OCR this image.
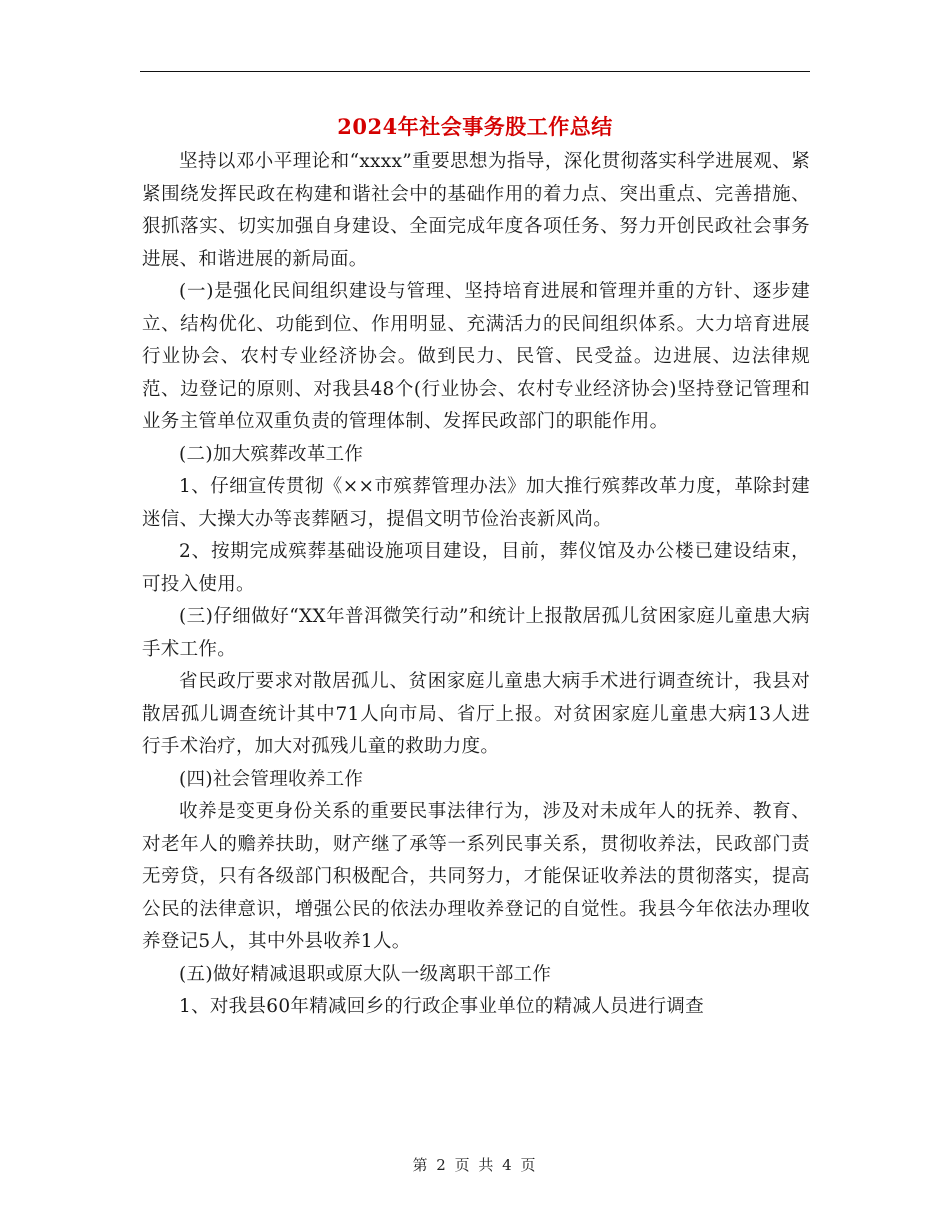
2024年社会事务股工作总结

坚持以邓小平理论和“xxxx”重要思想为指导，深化贯彻落实科学进展观、紧紧围绕发挥民政在构建和谐社会中的基础作用的着力点、突出重点、完善措施、狠抓落实、切实加强自身建设、全面完成年度各项任务、努力开创民政社会事务进展、和谐进展的新局面。

(一)是强化民间组织建设与管理、坚持培育进展和管理并重的方针、逐步建立、结构优化、功能到位、作用明显、充满活力的民间组织体系。大力培育进展行业协会、农村专业经济协会。做到民力、民管、民受益。边进展、边法律规范、边登记的原则、对我县48个(行业协会、农村专业经济协会)坚持登记管理和业务主管单位双重负责的管理体制、发挥民政部门的职能作用。

(二)加大殡葬改革工作

1、仔细宣传贯彻《××市殡葬管理办法》加大推行殡葬改革力度，革除封建迷信、大操大办等丧葬陋习，提倡文明节俭治丧新风尚。

2、按期完成殡葬基础设施项目建设，目前，葬仪馆及办公楼已建设结束，可投入使用。

(三)仔细做好“XX年普洱微笑行动”和统计上报散居孤儿贫困家庭儿童患大病手术工作。

省民政厅要求对散居孤儿、贫困家庭儿童患大病手术进行调查统计，我县对散居孤儿调查统计其中71人向市局、省厅上报。对贫困家庭儿童患大病13人进行手术治疗，加大对孤残儿童的救助力度。

(四)社会管理收养工作

收养是变更身份关系的重要民事法律行为，涉及对未成年人的抚养、教育、对老年人的赡养扶助，财产继了承等一系列民事关系，贯彻收养法，民政部门责无旁贷，只有各级部门积极配合，共同努力，才能保证收养法的贯彻落实，提高公民的法律意识，增强公民的依法办理收养登记的自觉性。我县今年依法办理收养登记5人，其中外县收养1人。

(五)做好精减退职或原大队一级离职干部工作

1、对我县60年精减回乡的行政企事业单位的精减人员进行调查

第 2 页 共 4 页
